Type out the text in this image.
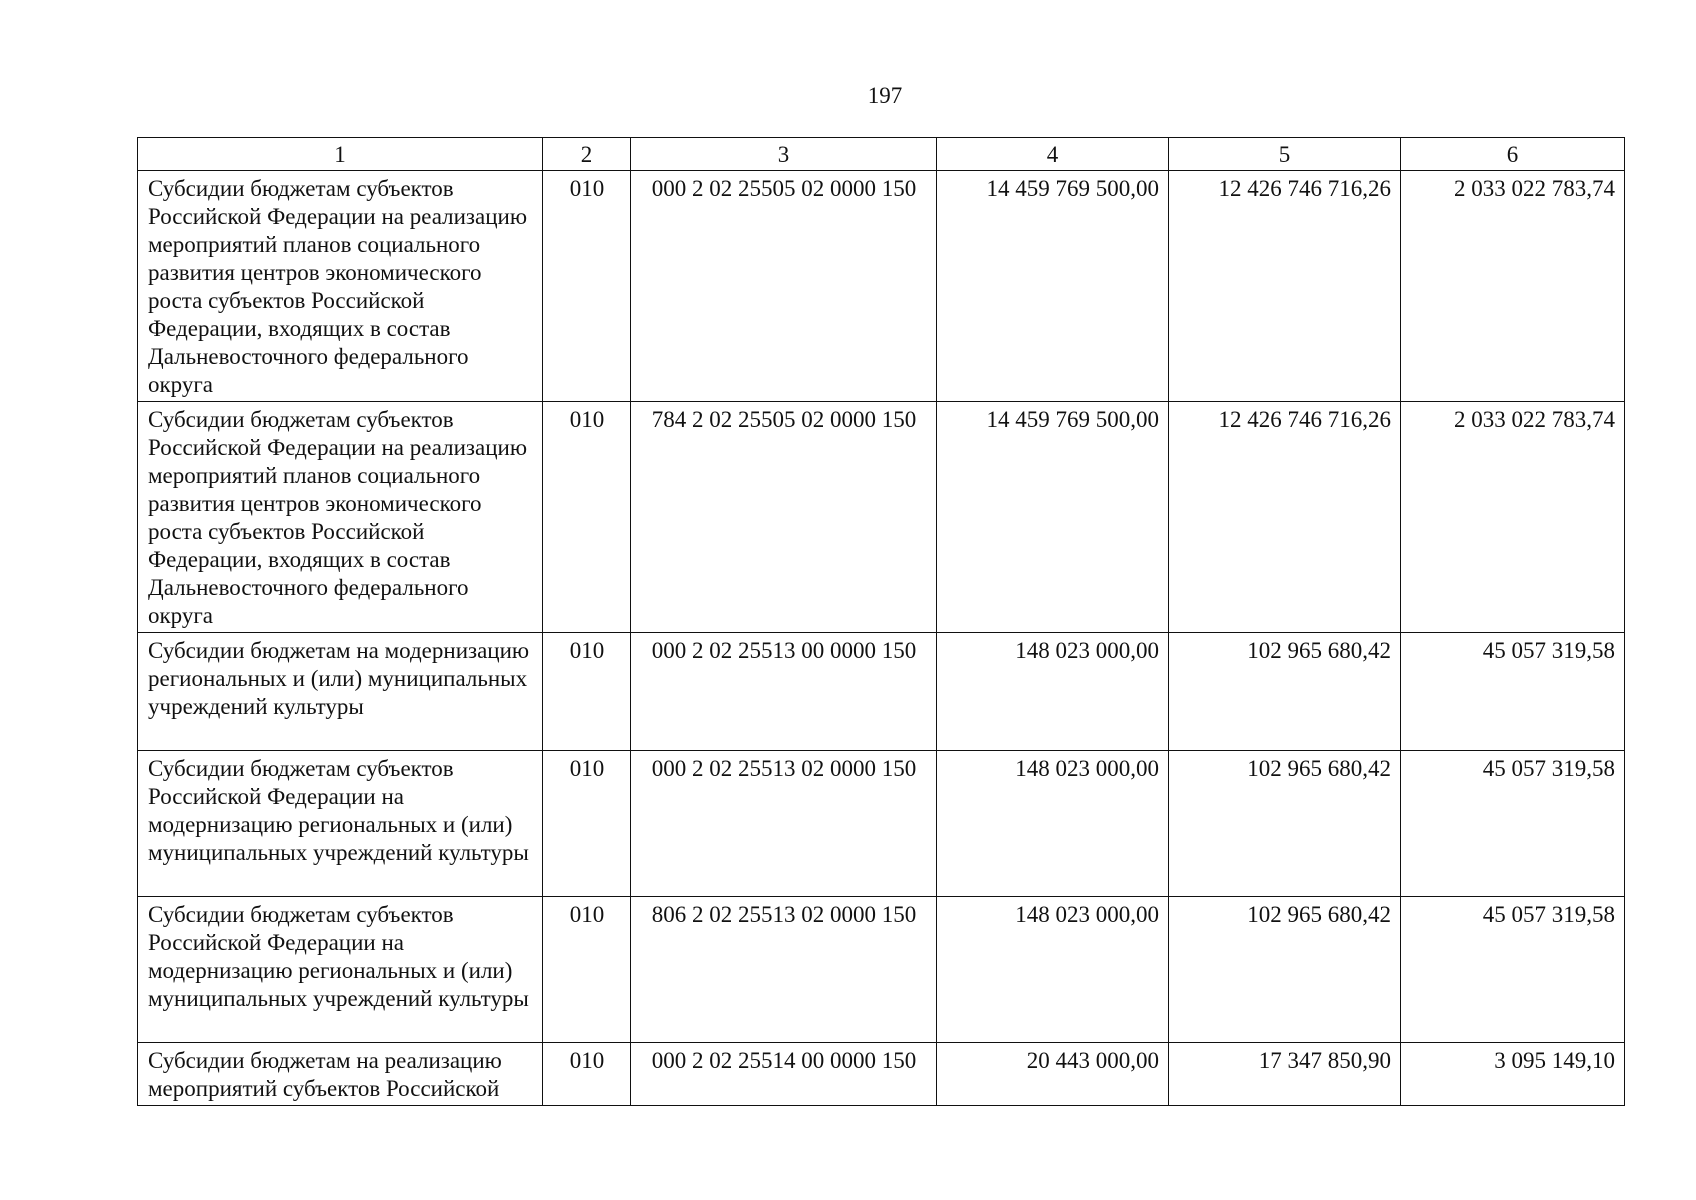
197
1	2	3	4	5	6
Субсидии бюджетам субъектов Российской Федерации на реализацию мероприятий планов социального развития центров экономического роста субъектов Российской Федерации, входящих в состав Дальневосточного федерального округа	010	000 2 02 25505 02 0000 150	14 459 769 500,00	12 426 746 716,26	2 033 022 783,74
Субсидии бюджетам субъектов Российской Федерации на реализацию мероприятий планов социального развития центров экономического роста субъектов Российской Федерации, входящих в состав Дальневосточного федерального округа	010	784 2 02 25505 02 0000 150	14 459 769 500,00	12 426 746 716,26	2 033 022 783,74
Субсидии бюджетам на модернизацию региональных и (или) муниципальных учреждений культуры	010	000 2 02 25513 00 0000 150	148 023 000,00	102 965 680,42	45 057 319,58
Субсидии бюджетам субъектов Российской Федерации на модернизацию региональных и (или) муниципальных учреждений культуры	010	000 2 02 25513 02 0000 150	148 023 000,00	102 965 680,42	45 057 319,58
Субсидии бюджетам субъектов Российской Федерации на модернизацию региональных и (или) муниципальных учреждений культуры	010	806 2 02 25513 02 0000 150	148 023 000,00	102 965 680,42	45 057 319,58
Субсидии бюджетам на реализацию мероприятий субъектов Российской	010	000 2 02 25514 00 0000 150	20 443 000,00	17 347 850,90	3 095 149,10
